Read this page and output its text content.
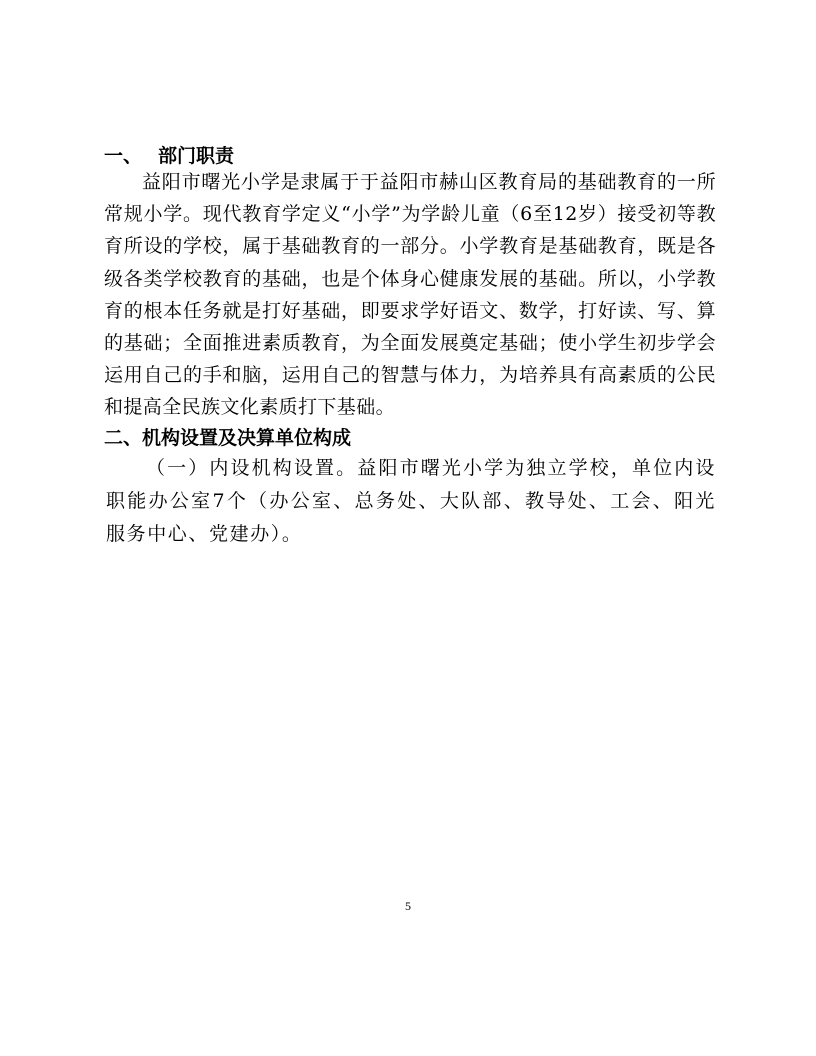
一、 部门职责

益阳市曙光小学是隶属于于益阳市赫山区教育局的基础教育的一所常规小学。现代教育学定义“小学”为学龄儿童（6至12岁）接受初等教育所设的学校，属于基础教育的一部分。小学教育是基础教育，既是各级各类学校教育的基础，也是个体身心健康发展的基础。所以，小学教育的根本任务就是打好基础，即要求学好语文、数学，打好读、写、算的基础；全面推进素质教育，为全面发展奠定基础；使小学生初步学会运用自己的手和脑，运用自己的智慧与体力，为培养具有高素质的公民和提高全民族文化素质打下基础。

二、机构设置及决算单位构成

（一）内设机构设置。益阳市曙光小学为独立学校，单位内设职能办公室7个（办公室、总务处、大队部、教导处、工会、阳光服务中心、党建办）。

5
